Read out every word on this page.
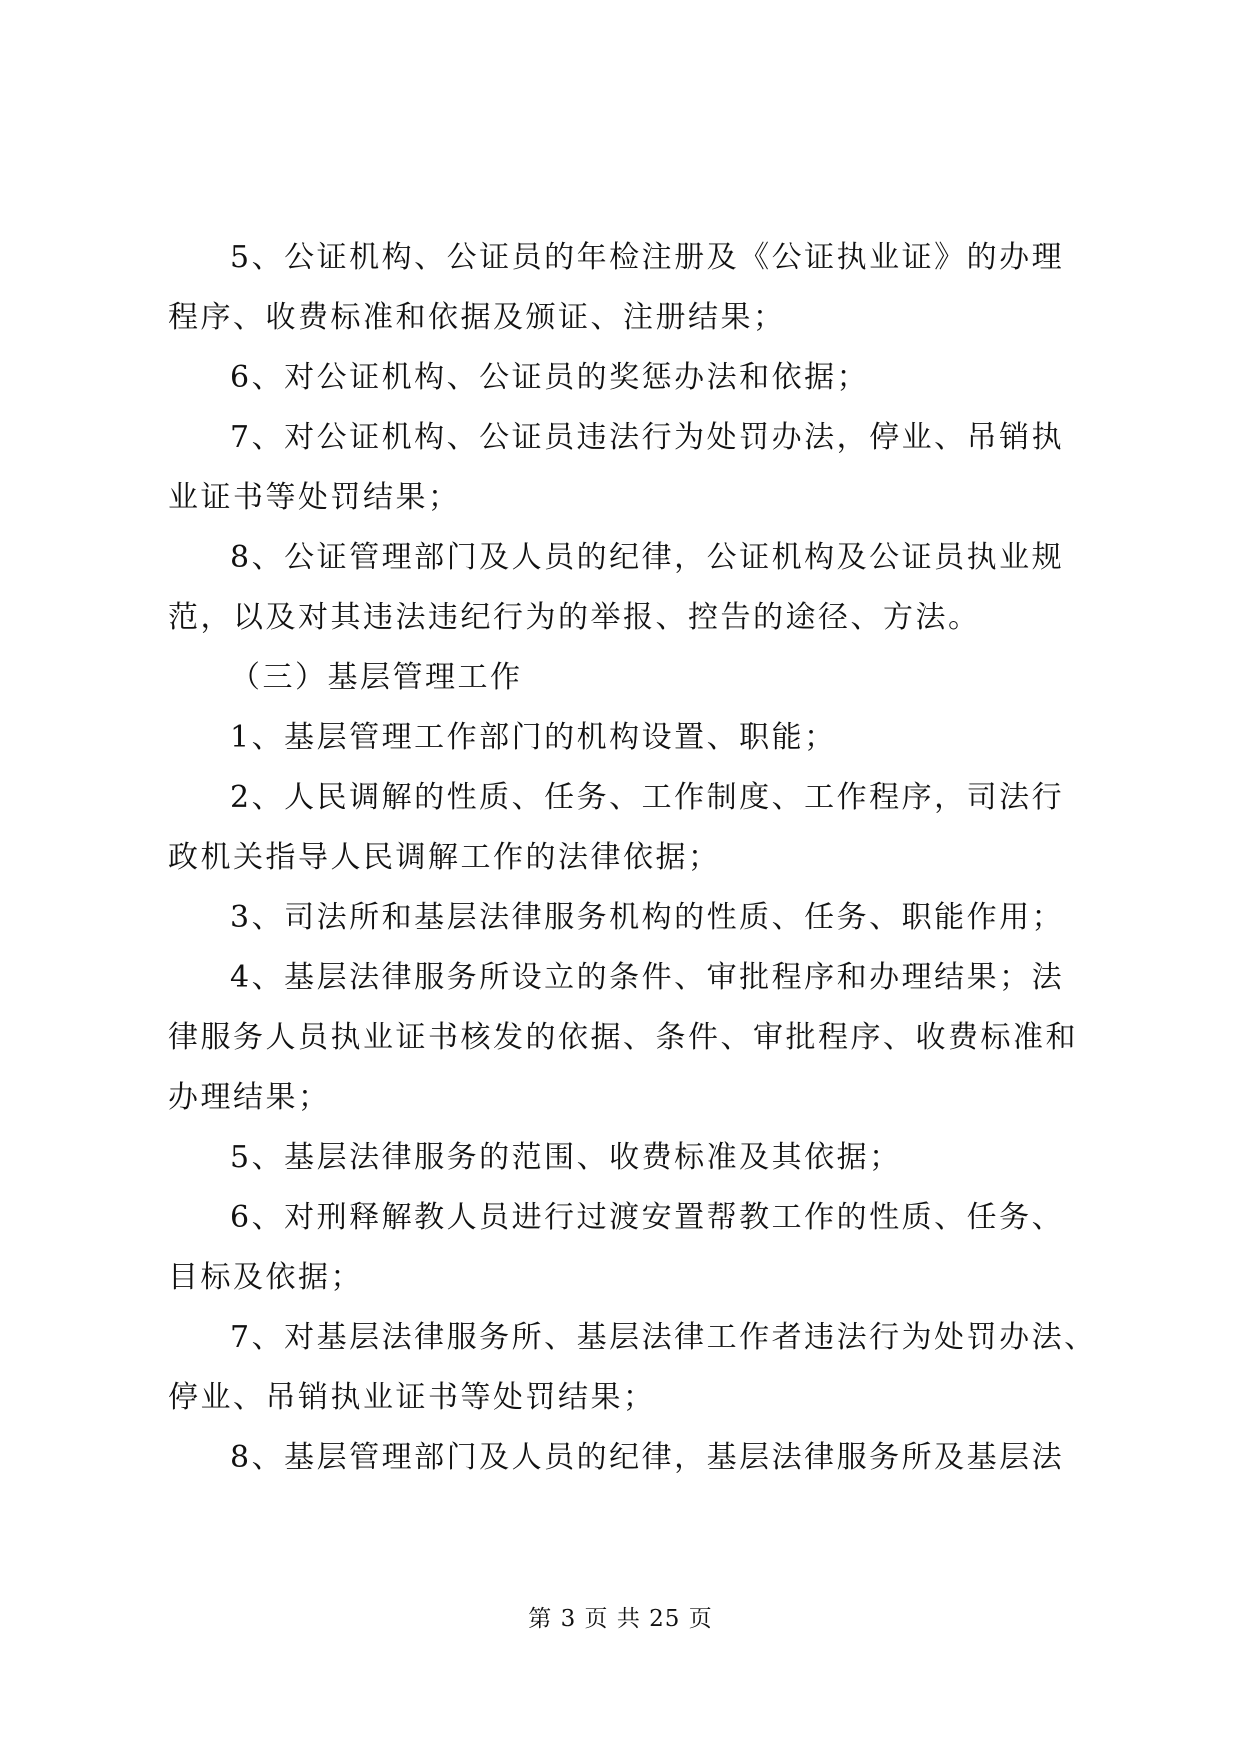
5、公证机构、公证员的年检注册及《公证执业证》的办理
程序、收费标准和依据及颁证、注册结果；
6、对公证机构、公证员的奖惩办法和依据；
7、对公证机构、公证员违法行为处罚办法，停业、吊销执
业证书等处罚结果；
8、公证管理部门及人员的纪律，公证机构及公证员执业规
范，以及对其违法违纪行为的举报、控告的途径、方法。
（三）基层管理工作
1、基层管理工作部门的机构设置、职能；
2、人民调解的性质、任务、工作制度、工作程序，司法行
政机关指导人民调解工作的法律依据；
3、司法所和基层法律服务机构的性质、任务、职能作用；
4、基层法律服务所设立的条件、审批程序和办理结果；法
律服务人员执业证书核发的依据、条件、审批程序、收费标准和
办理结果；
5、基层法律服务的范围、收费标准及其依据；
6、对刑释解教人员进行过渡安置帮教工作的性质、任务、
目标及依据；
7、对基层法律服务所、基层法律工作者违法行为处罚办法、
停业、吊销执业证书等处罚结果；
8、基层管理部门及人员的纪律，基层法律服务所及基层法
第 3 页 共 25 页
